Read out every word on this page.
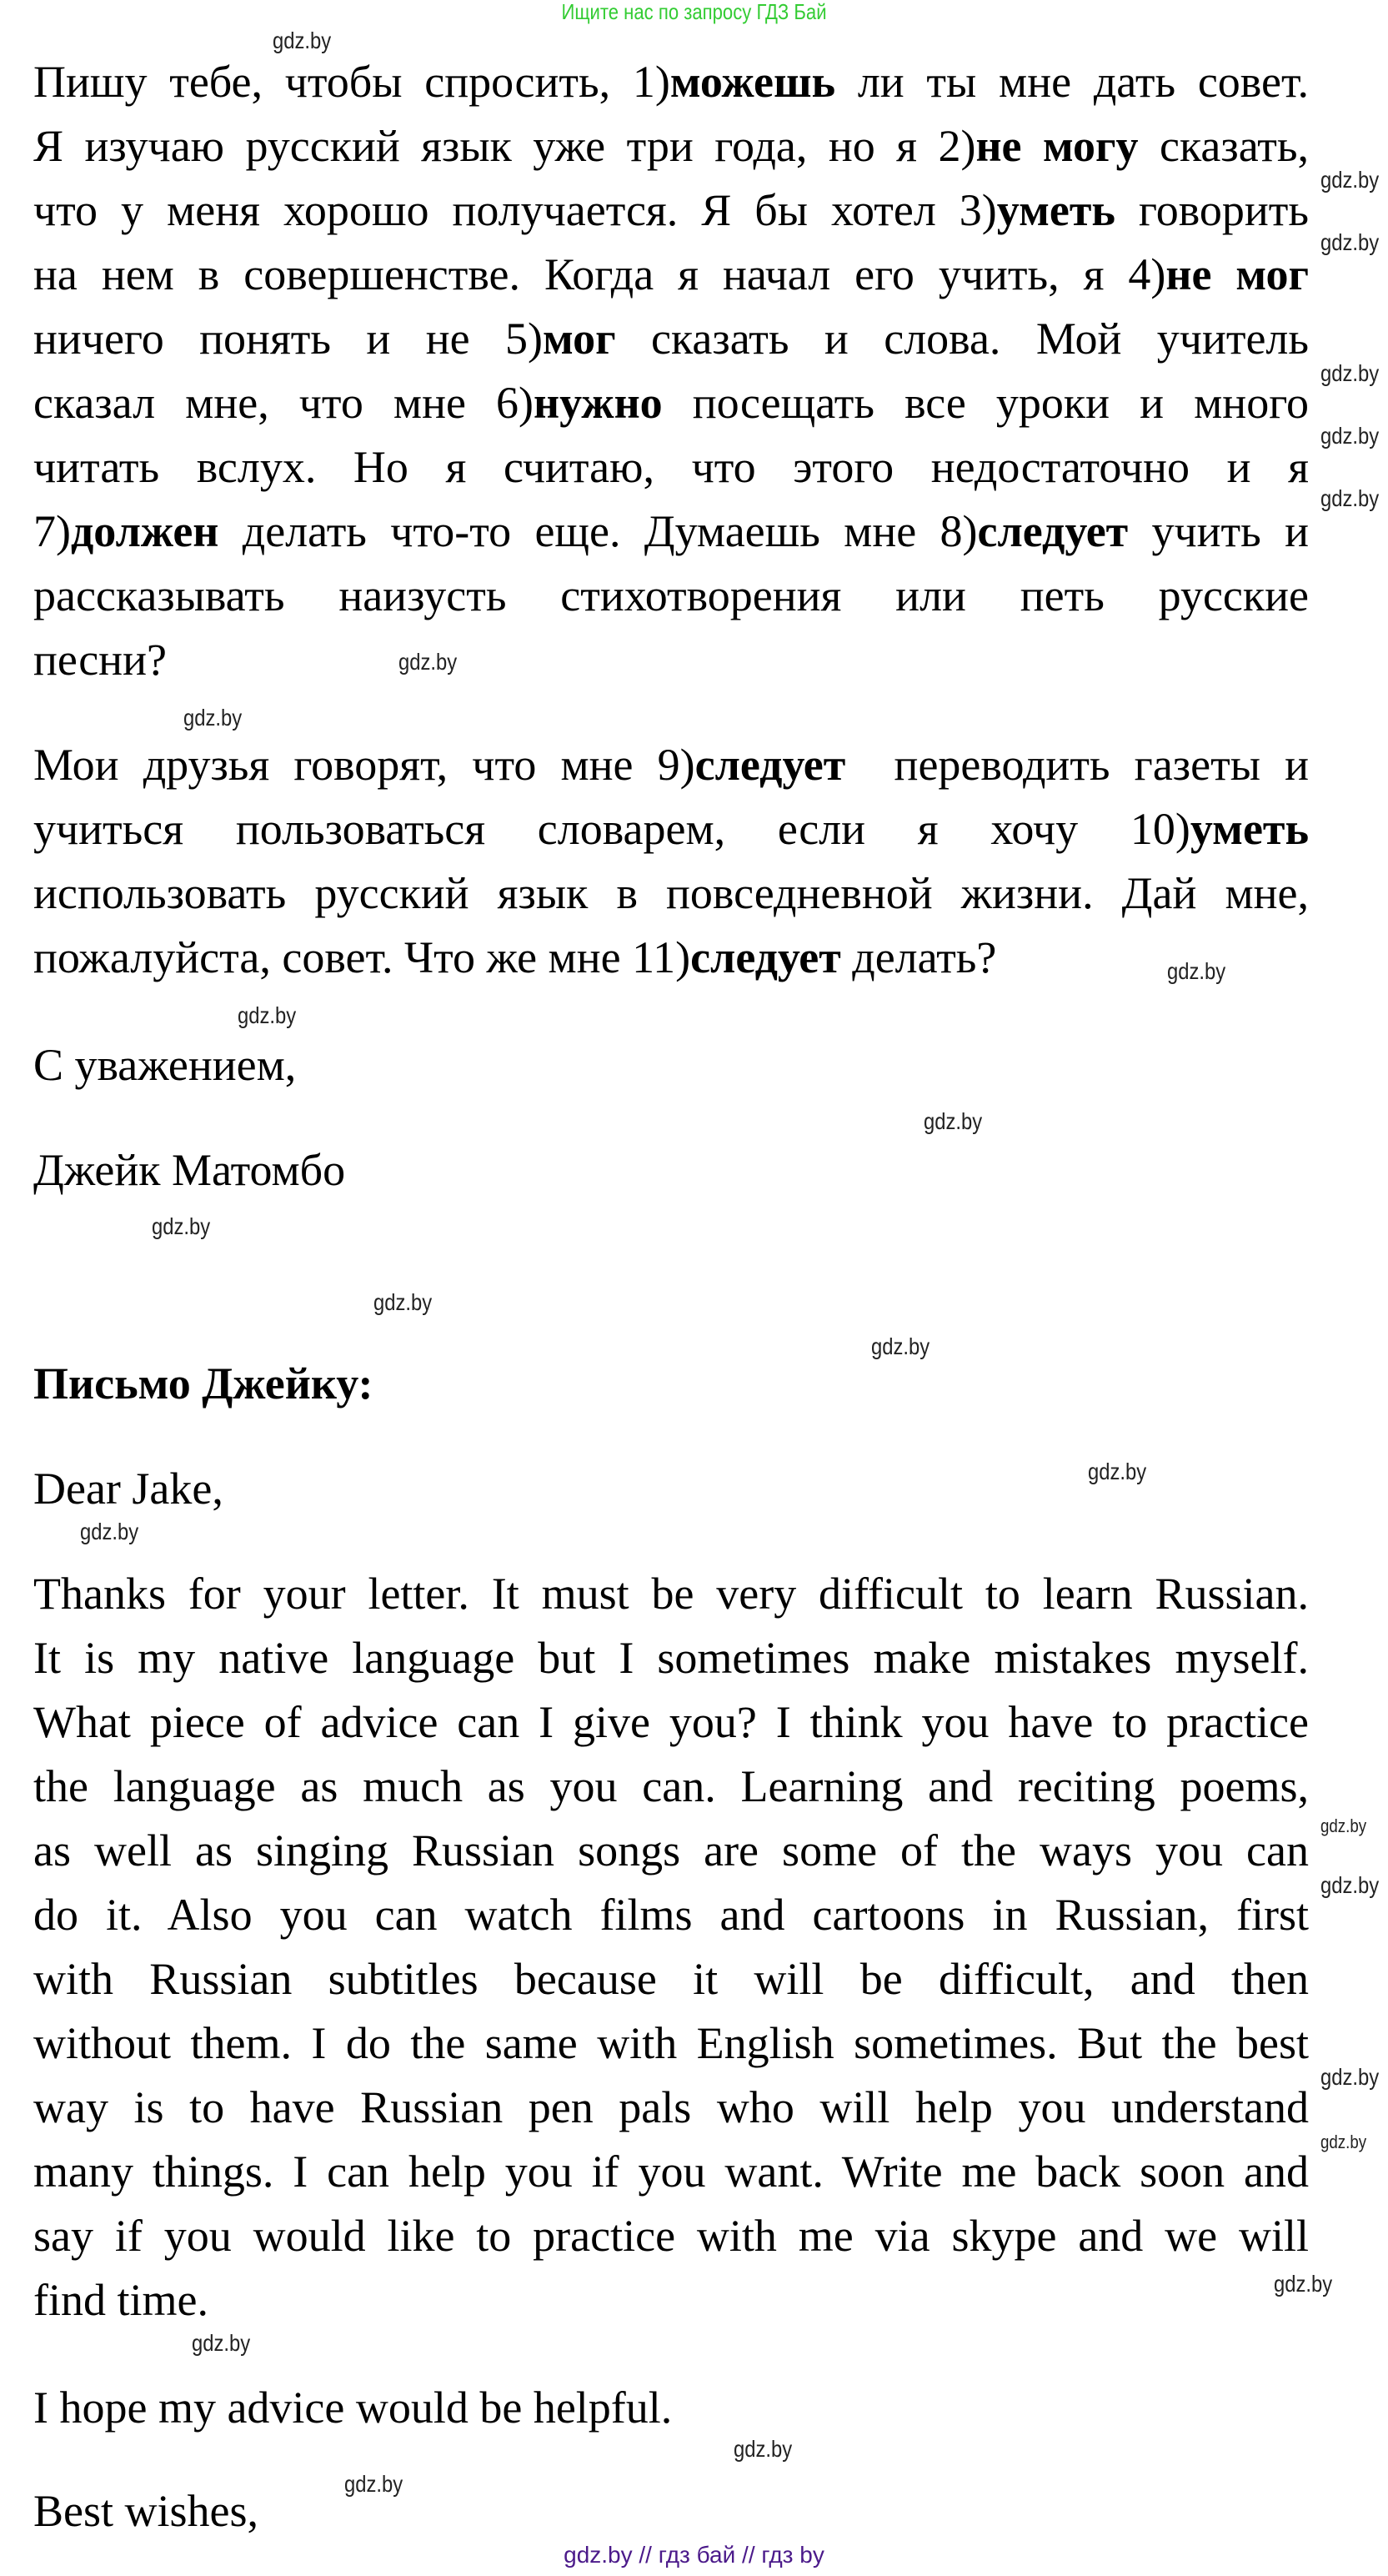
Ищите нас по запросу ГДЗ Бай
Пишу тебе, чтобы спросить, 1)можешь ли ты мне дать совет.
Я изучаю русский язык уже три года, но я 2)не могу сказать,
что у меня хорошо получается. Я бы хотел 3)уметь говорить
на нем в совершенстве. Когда я начал его учить, я 4)не мог
ничего понять и не 5)мог сказать и слова. Мой учитель
сказал мне, что мне 6)нужно посещать все уроки и много
читать вслух. Но я считаю, что этого недостаточно и я
7)должен делать что-то еще. Думаешь мне 8)следует учить и
рассказывать наизусть стихотворения или петь русские
песни?
Мои друзья говорят, что мне 9)следует  переводить газеты и
учиться пользоваться словарем, если я хочу 10)уметь
использовать русский язык в повседневной жизни. Дай мне,
пожалуйста, совет. Что же мне 11)следует делать?
С уважением,
Джейк Матомбо
Письмо Джейку:
Dear Jake,
Thanks for your letter. It must be very difficult to learn Russian.
It is my native language but I sometimes make mistakes myself.
What piece of advice can I give you? I think you have to practice
the language as much as you can. Learning and reciting poems,
as well as singing Russian songs are some of the ways you can
do it. Also you can watch films and cartoons in Russian, first
with Russian subtitles because it will be difficult, and then
without them. I do the same with English sometimes. But the best
way is to have Russian pen pals who will help you understand
many things. I can help you if you want. Write me back soon and
say if you would like to practice with me via skype and we will
find time.
I hope my advice would be helpful.
Best wishes,
gdz.by
gdz.by
gdz.by
gdz.by
gdz.by
gdz.by
gdz.by
gdz.by
gdz.by
gdz.by
gdz.by
gdz.by
gdz.by
gdz.by
gdz.by
gdz.by
gdz.by
gdz.by
gdz.by
gdz.by
gdz.by
gdz.by
gdz.by
gdz.by
gdz.by // гдз бай // гдз by
